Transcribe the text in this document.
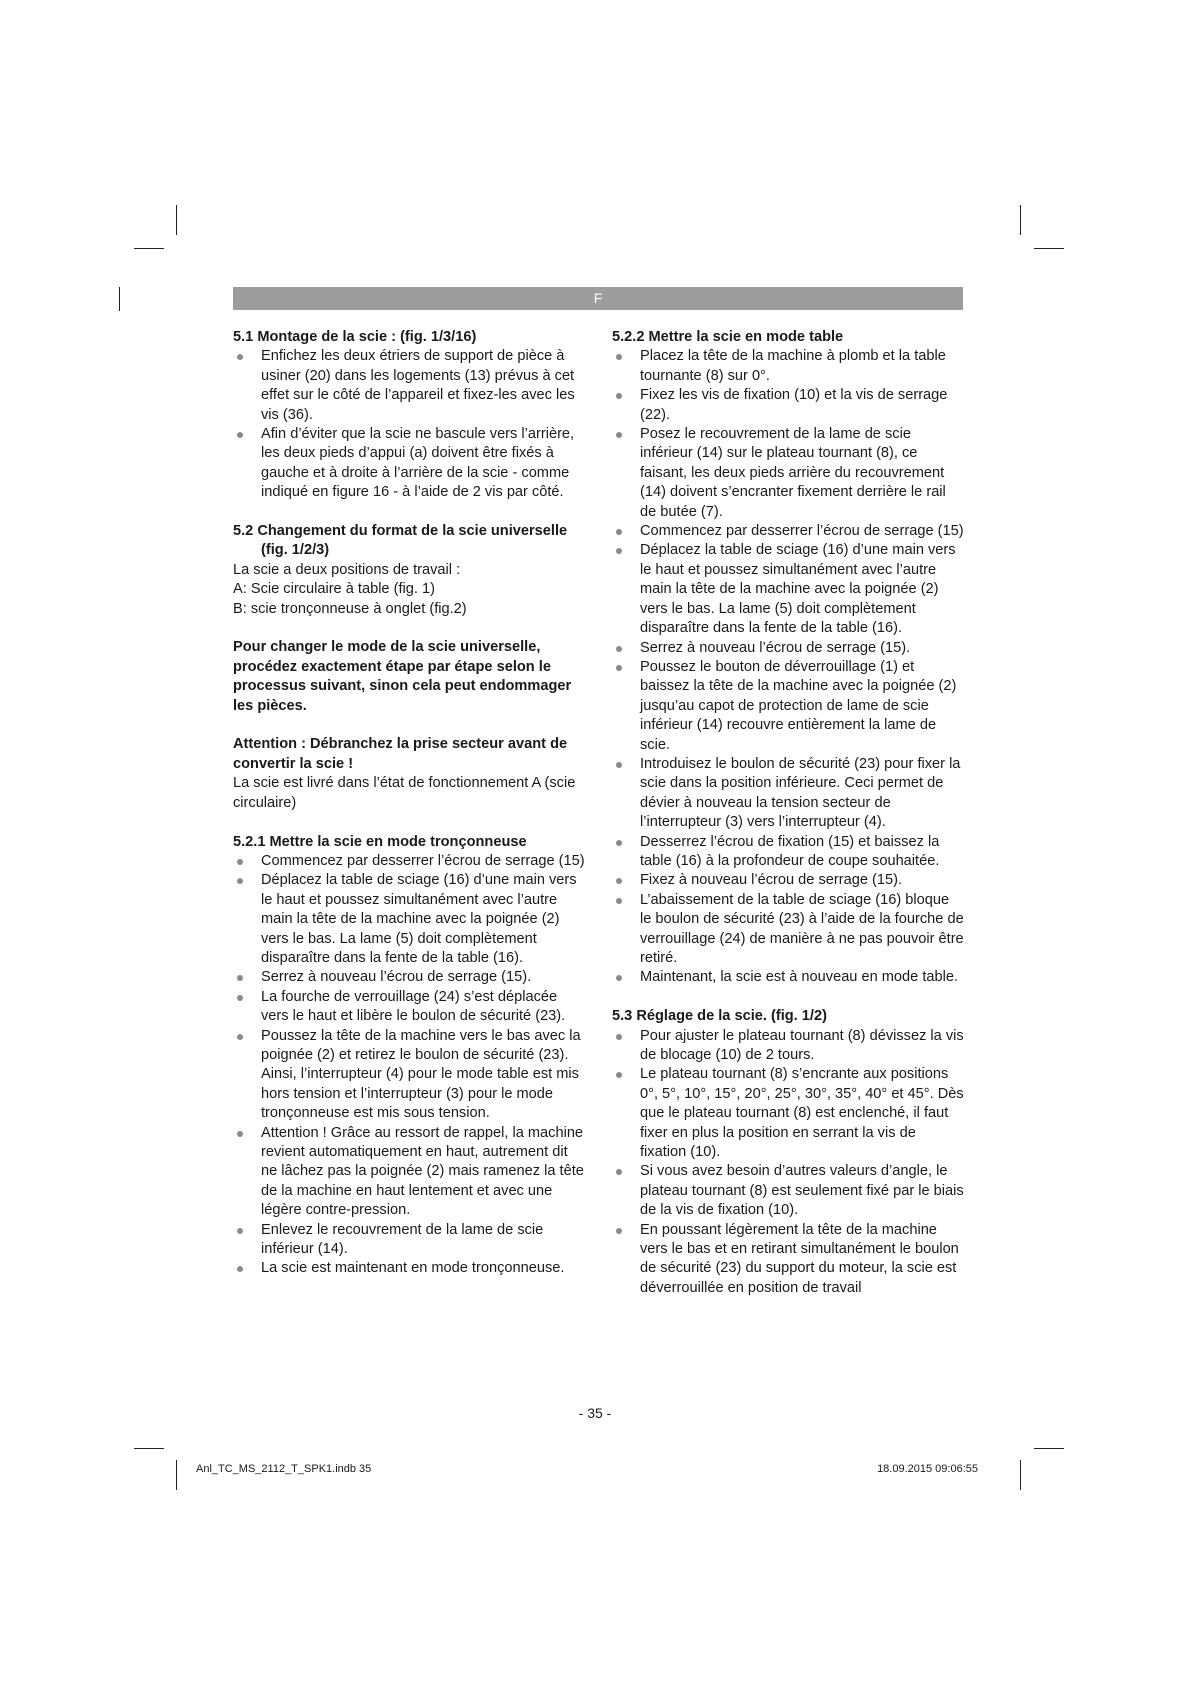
F
5.1 Montage de la scie : (fig. 1/3/16)
Enfichez les deux étriers de support de pièce à usiner (20) dans les logements (13) prévus à cet effet sur le côté de l’appareil et fixez-les avec les vis (36).
Afin d’éviter que la scie ne bascule vers l’arrière, les deux pieds d’appui (a) doivent être fixés à gauche et à droite à l’arrière de la scie - comme indiqué en figure 16 - à l’aide de 2 vis par côté.
5.2 Changement du format de la scie universelle (fig. 1/2/3)

La scie a deux positions de travail :

A: Scie circulaire à table (fig. 1)

B: scie tronçonneuse à onglet (fig.2)

Pour changer le mode de la scie universelle, procédez exactement étape par étape selon le processus suivant, sinon cela peut endommager les pièces.

Attention : Débranchez la prise secteur avant de convertir la scie !

La scie est livré dans l’état de fonctionnement A (scie circulaire)

5.2.1 Mettre la scie en mode tronçonneuse
Commencez par desserrer l’écrou de serrage (15)
Déplacez la table de sciage (16) d’une main vers le haut et poussez simultanément avec l’autre main la tête de la machine avec la poignée (2) vers le bas. La lame (5) doit complètement disparaître dans la fente de la table (16).
Serrez à nouveau l’écrou de serrage (15).
La fourche de verrouillage (24) s’est déplacée vers le haut et libère le boulon de sécurité (23).
Poussez la tête de la machine vers le bas avec la poignée (2) et retirez le boulon de sécurité (23). Ainsi, l’interrupteur (4) pour le mode table est mis hors tension et l’interrupteur (3) pour le mode tronçonneuse est mis sous tension.
Attention ! Grâce au ressort de rappel, la machine revient automatiquement en haut, autrement dit ne lâchez pas la poignée (2) mais ramenez la tête de la machine en haut lentement et avec une légère contre-pression.
Enlevez le recouvrement de la lame de scie inférieur (14).
La scie est maintenant en mode tronçonneuse.
5.2.2 Mettre la scie en mode table
Placez la tête de la machine à plomb et la table tournante (8) sur 0°.
Fixez les vis de fixation (10) et la vis de serrage (22).
Posez le recouvrement de la lame de scie inférieur (14) sur le plateau tournant (8), ce faisant, les deux pieds arrière du recouvrement (14) doivent s’encranter fixement derrière le rail de butée (7).
Commencez par desserrer l’écrou de serrage (15)
Déplacez la table de sciage (16) d’une main vers le haut et poussez simultanément avec l’autre main la tête de la machine avec la poignée (2) vers le bas. La lame (5) doit complètement disparaître dans la fente de la table (16).
Serrez à nouveau l’écrou de serrage (15).
Poussez le bouton de déverrouillage (1) et baissez la tête de la machine avec la poignée (2) jusqu’au capot de protection de lame de scie inférieur (14) recouvre entièrement la lame de scie.
Introduisez le boulon de sécurité (23) pour fixer la scie dans la position inférieure. Ceci permet de dévier à nouveau la tension secteur de l’interrupteur (3) vers l’interrupteur (4).
Desserrez l’écrou de fixation (15) et baissez la table (16) à la profondeur de coupe souhaitée.
Fixez à nouveau l’écrou de serrage (15).
L’abaissement de la table de sciage (16) bloque le boulon de sécurité (23) à l’aide de la fourche de verrouillage (24) de manière à ne pas pouvoir être retiré.
Maintenant, la scie est à nouveau en mode table.
5.3 Réglage de la scie. (fig. 1/2)
Pour ajuster le plateau tournant (8) dévissez la vis de blocage (10) de 2 tours.
Le plateau tournant (8) s’encrante aux positions 0°, 5°, 10°, 15°, 20°, 25°, 30°, 35°, 40° et 45°. Dès que le plateau tournant (8) est enclenché, il faut fixer en plus la position en serrant la vis de fixation (10).
Si vous avez besoin d’autres valeurs d’angle, le plateau tournant (8) est seulement fixé par le biais de la vis de fixation (10).
En poussant légèrement la tête de la machine vers le bas et en retirant simultanément le boulon de sécurité (23) du support du moteur, la scie est déverrouillée en position de travail
- 35 -
Anl_TC_MS_2112_T_SPK1.indb 35	18.09.2015 09:06:55
